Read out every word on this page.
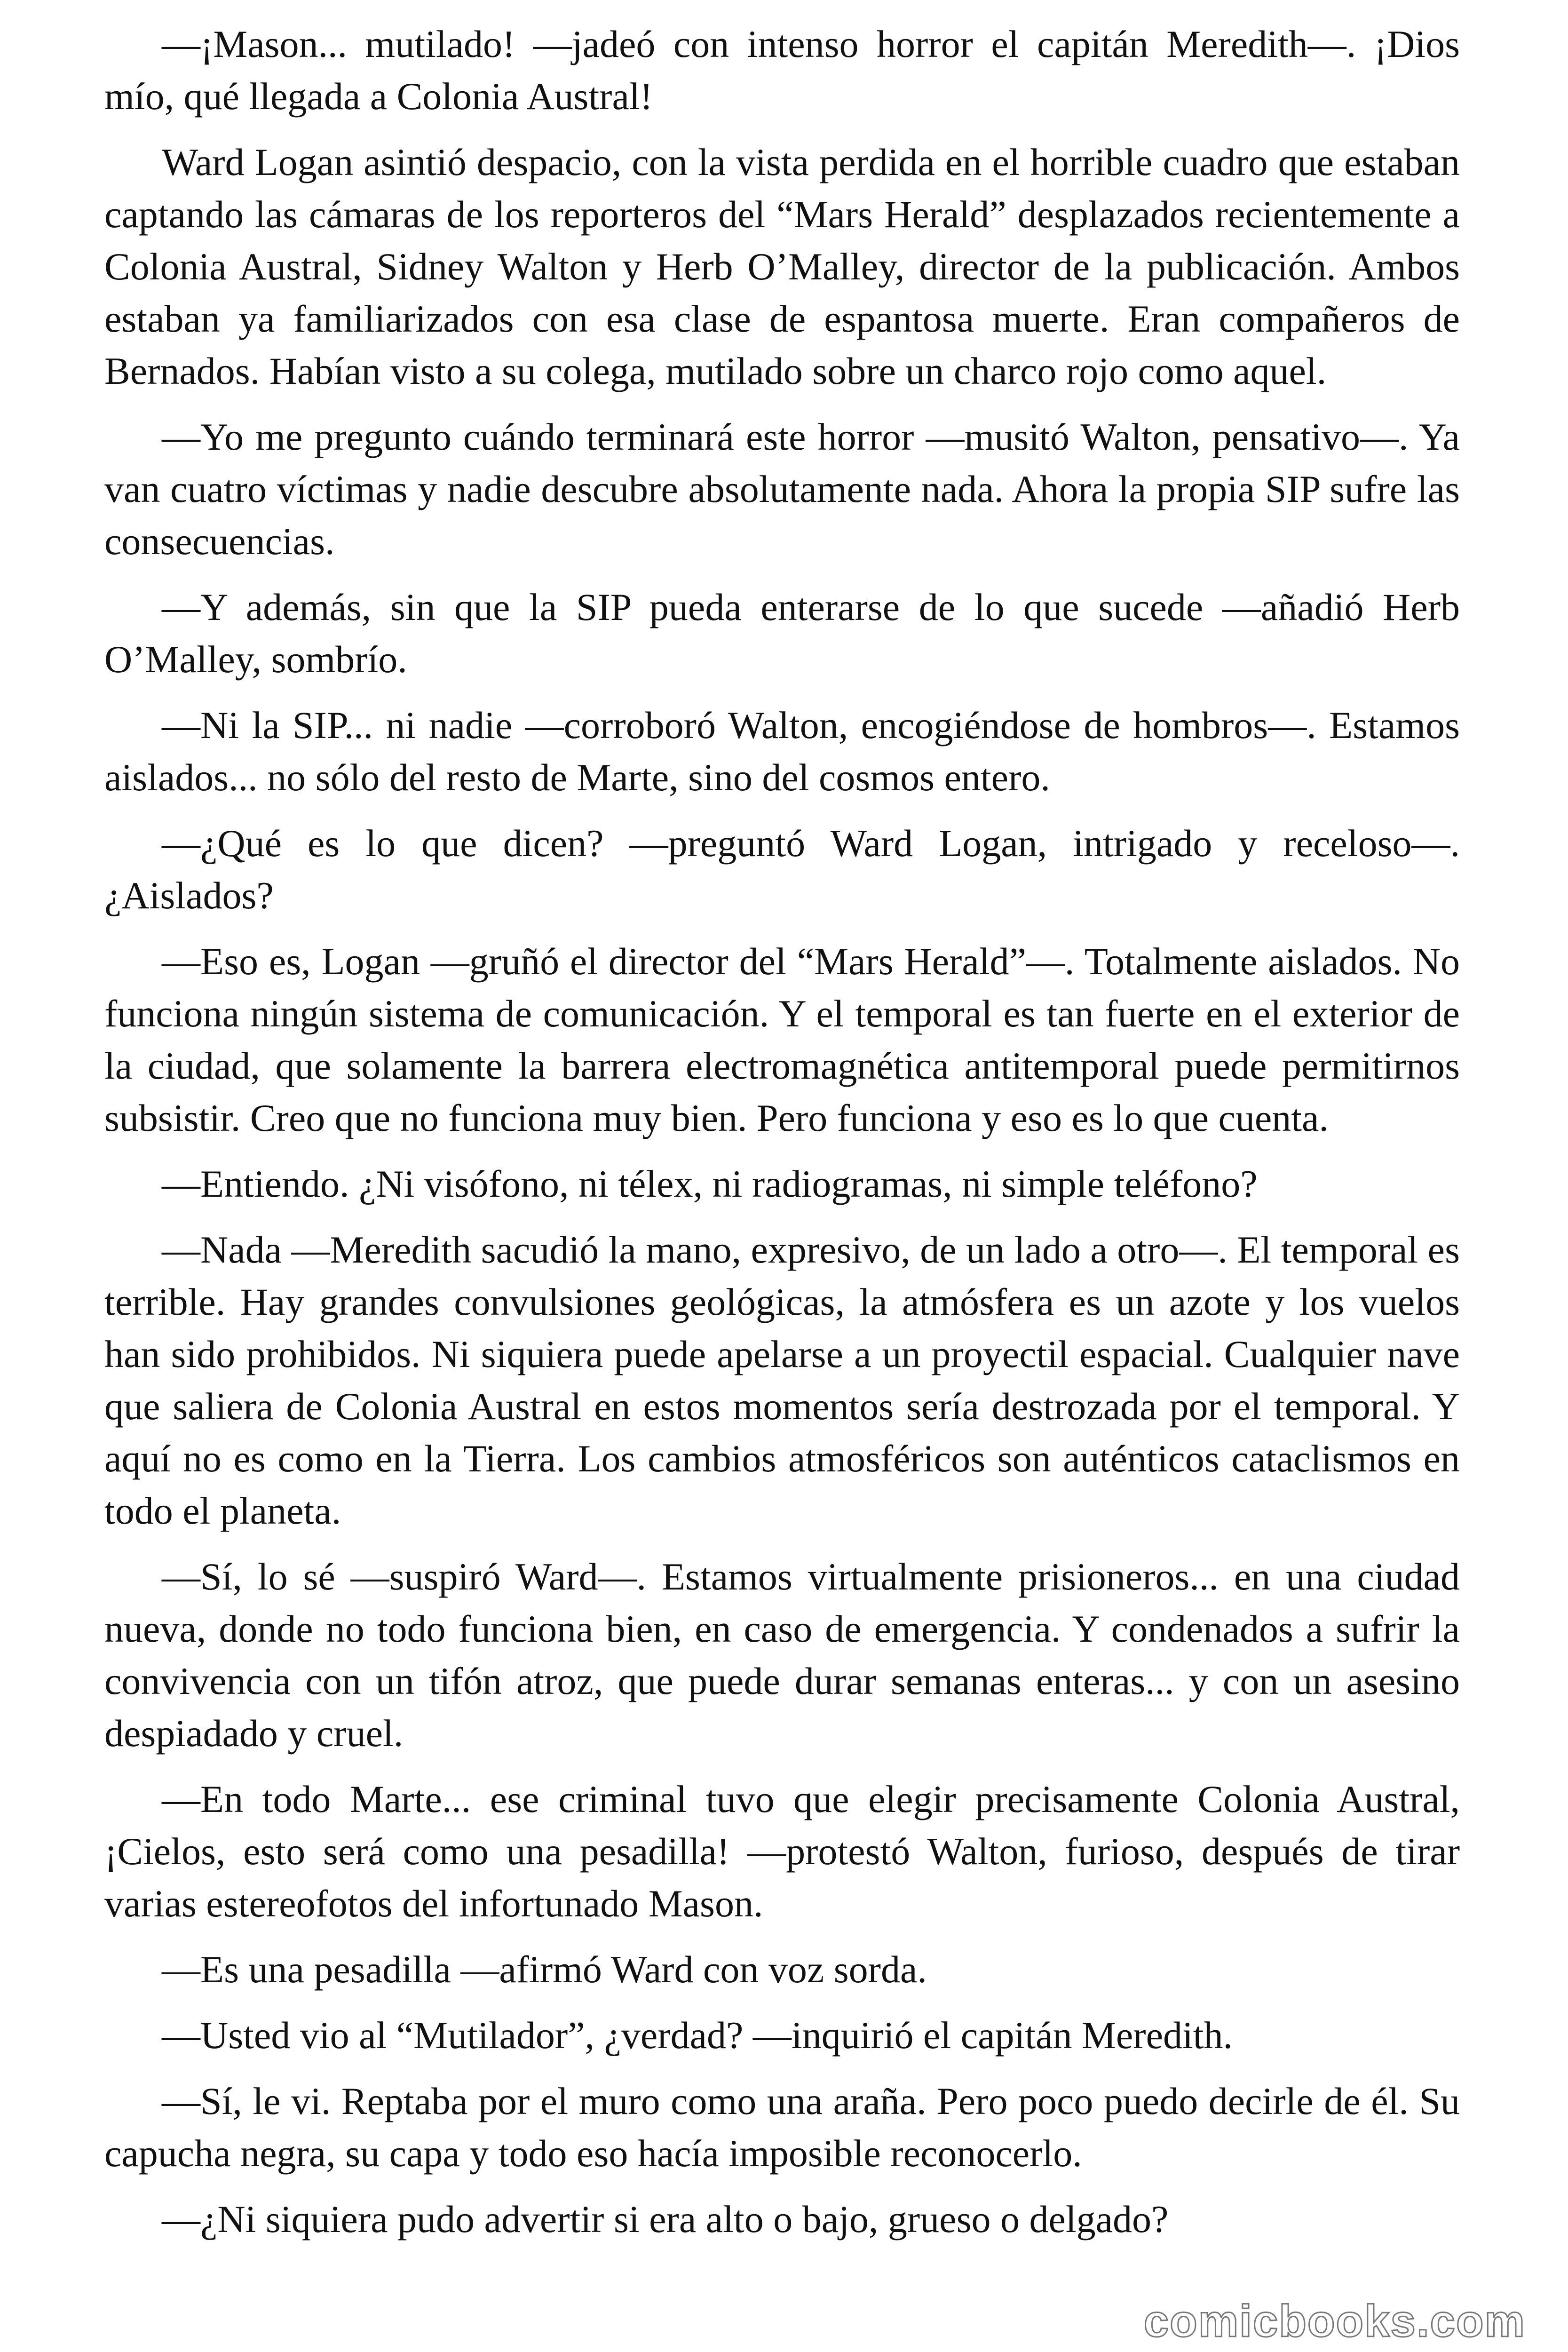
—¡Mason... mutilado! —jadeó con intenso horror el capitán Meredith—. ¡Dios mío, qué llegada a Colonia Austral!

Ward Logan asintió despacio, con la vista perdida en el horrible cuadro que estaban captando las cámaras de los reporteros del “Mars Herald” desplazados recientemente a Colonia Austral, Sidney Walton y Herb O’Malley, director de la publicación. Ambos estaban ya familiarizados con esa clase de espantosa muerte. Eran compañeros de Bernados. Habían visto a su colega, mutilado sobre un charco rojo como aquel.

—Yo me pregunto cuándo terminará este horror —musitó Walton, pensativo—. Ya van cuatro víctimas y nadie descubre absolutamente nada. Ahora la propia SIP sufre las consecuencias.

—Y además, sin que la SIP pueda enterarse de lo que sucede —añadió Herb O’Malley, sombrío.

—Ni la SIP... ni nadie —corroboró Walton, encogiéndose de hombros—. Estamos aislados... no sólo del resto de Marte, sino del cosmos entero.

—¿Qué es lo que dicen? —preguntó Ward Logan, intrigado y receloso—. ¿Aislados?

—Eso es, Logan —gruñó el director del “Mars Herald”—. Totalmente aislados. No funciona ningún sistema de comunicación. Y el temporal es tan fuerte en el exterior de la ciudad, que solamente la barrera electromagnética antitemporal puede permitirnos subsistir. Creo que no funciona muy bien. Pero funciona y eso es lo que cuenta.

—Entiendo. ¿Ni visófono, ni télex, ni radiogramas, ni simple teléfono?

—Nada —Meredith sacudió la mano, expresivo, de un lado a otro—. El temporal es terrible. Hay grandes convulsiones geológicas, la atmósfera es un azote y los vuelos han sido prohibidos. Ni siquiera puede apelarse a un proyectil espacial. Cualquier nave que saliera de Colonia Austral en estos momentos sería destrozada por el temporal. Y aquí no es como en la Tierra. Los cambios atmosféricos son auténticos cataclismos en todo el planeta.

—Sí, lo sé —suspiró Ward—. Estamos virtualmente prisioneros... en una ciudad nueva, donde no todo funciona bien, en caso de emergencia. Y condenados a sufrir la convivencia con un tifón atroz, que puede durar semanas enteras... y con un asesino despiadado y cruel.

—En todo Marte... ese criminal tuvo que elegir precisamente Colonia Austral, ¡Cielos, esto será como una pesadilla! —protestó Walton, furioso, después de tirar varias estereofotos del infortunado Mason.

—Es una pesadilla —afirmó Ward con voz sorda.

—Usted vio al “Mutilador”, ¿verdad? —inquirió el capitán Meredith.

—Sí, le vi. Reptaba por el muro como una araña. Pero poco puedo decirle de él. Su capucha negra, su capa y todo eso hacía imposible reconocerlo.

—¿Ni siquiera pudo advertir si era alto o bajo, grueso o delgado?

comicbooks.com
